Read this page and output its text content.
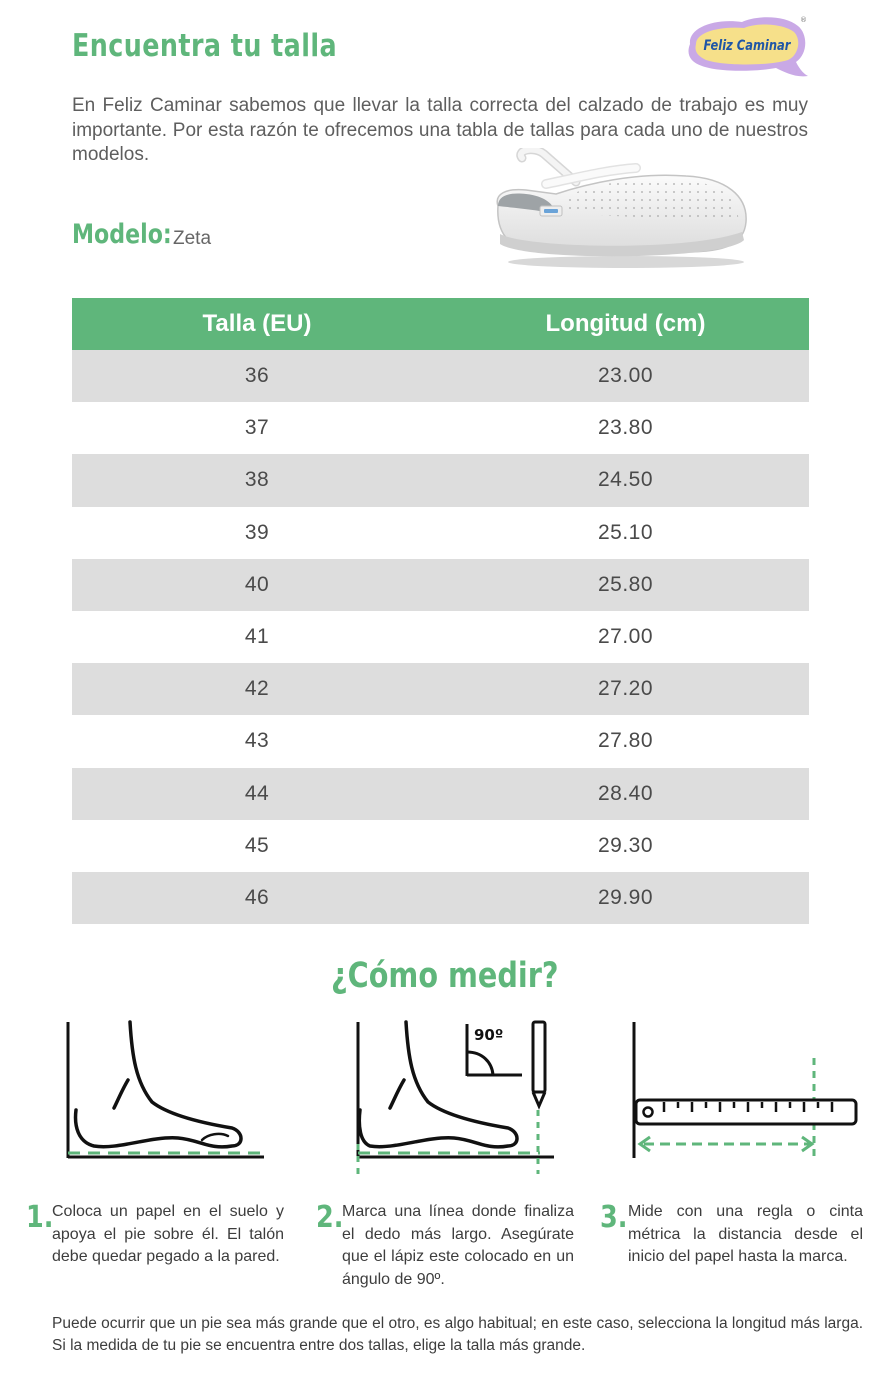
Encuentra tu talla	Feliz Caminar
®

En Feliz Caminar sabemos que llevar la talla correcta del calzado de trabajo es muy importante. Por esta razón te ofrecemos una tabla de tallas para cada uno de nuestros modelos.

Modelo: Zeta
Talla (EU)	Longitud (cm)
36	23.00
37	23.80
38	24.50
39	25.10
40	25.80
41	27.00
42	27.20
43	27.80
44	28.40
45	29.30
46	29.90
¿Cómo medir?
90º
1.

Coloca un papel en el suelo y apoya el pie sobre él. El talón debe quedar pegado a la pared.

2.

Marca una línea donde finaliza el dedo más largo. Asegúrate que el lápiz este colocado en un ángulo de 90º.

3. Mide con una regla o cinta métrica la distancia desde el inicio del papel hasta la marca.

Puede ocurrir que un pie sea más grande que el otro, es algo habitual; en este caso, selecciona la longitud más larga. Si la medida de tu pie se encuentra entre dos tallas, elige la talla más grande.
